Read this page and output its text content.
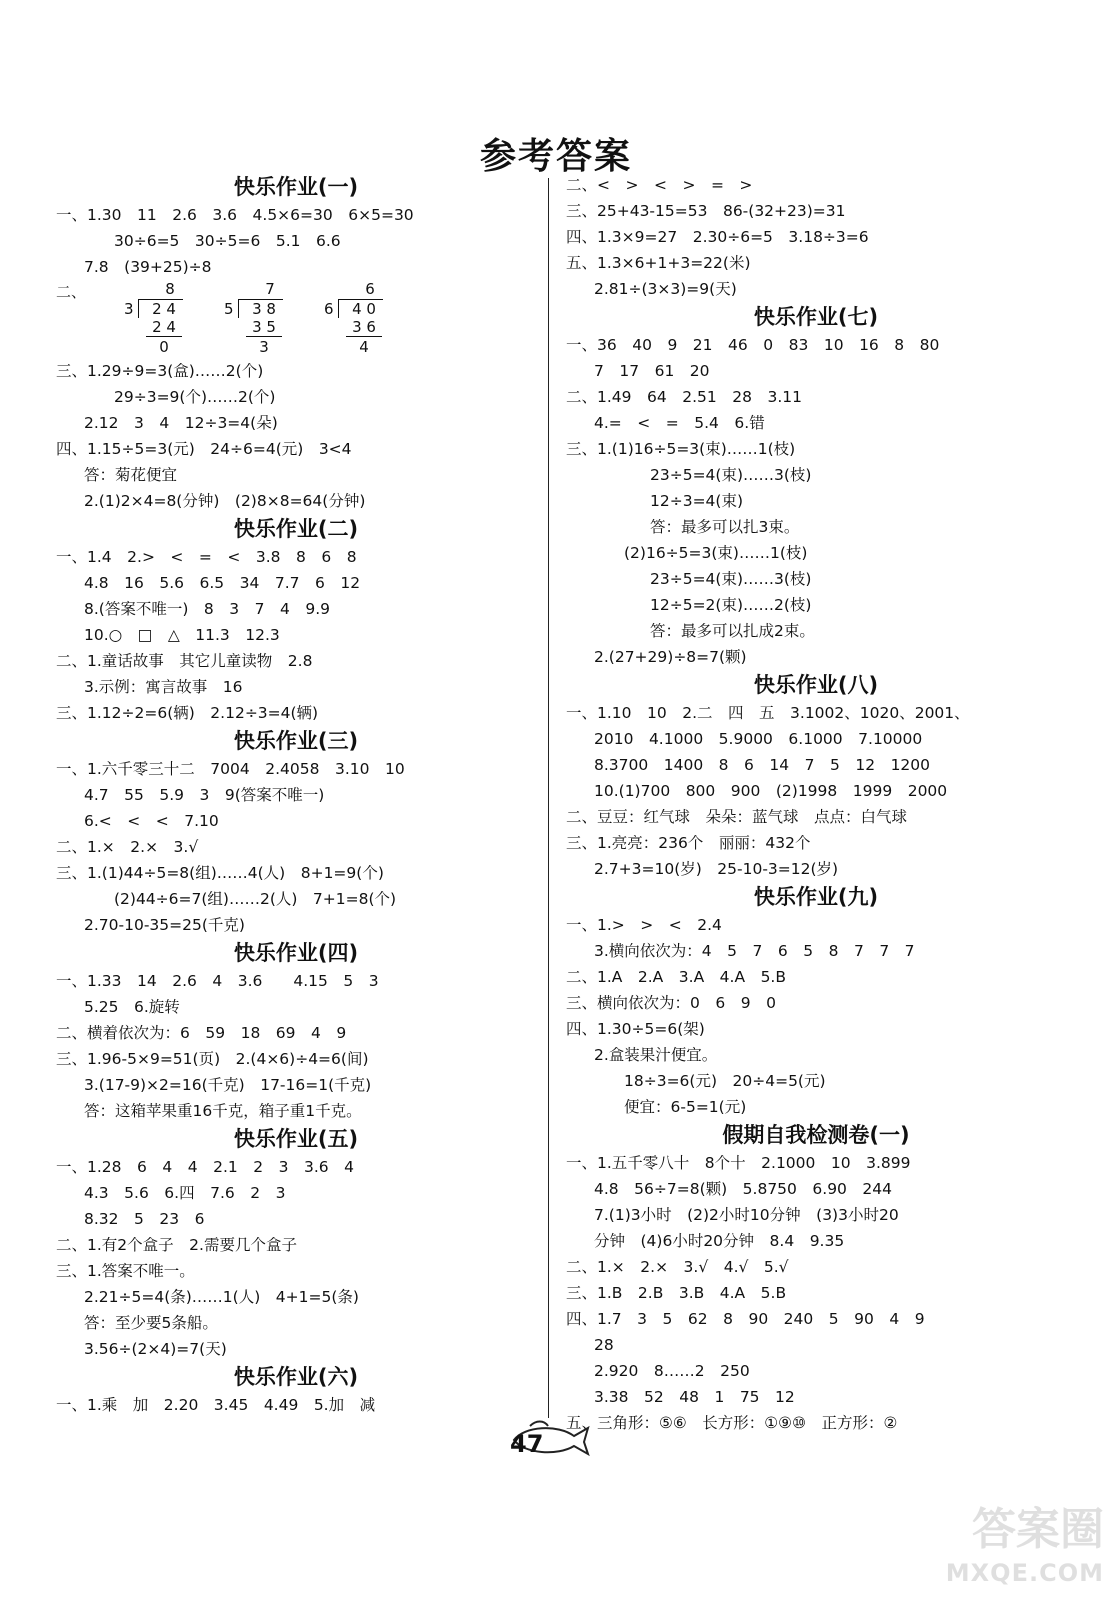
参考答案
快乐作业(一)
一、1.30　11　2.6　3.6　4.5×6=30　6×5=30
30÷6=5　30÷5=6　5.1　6.6
7.8　(39+25)÷8
二、	8
3	2 4
2 4
0
7
5	3 8
3 5
3
6
6	4 0
3 6
4
三、1.29÷9=3(盒)……2(个)
29÷3=9(个)……2(个)
2.12　3　4　12÷3=4(朵)
四、1.15÷5=3(元)　24÷6=4(元)　3<4
答：菊花便宜
2.(1)2×4=8(分钟)　(2)8×8=64(分钟)
快乐作业(二)
一、1.4　2.>　<　=　<　3.8　8　6　8
4.8　16　5.6　6.5　34　7.7　6　12
8.(答案不唯一)　8　3　7　4　9.9
10.○　□　△　11.3　12.3
二、1.童话故事　其它儿童读物　2.8
3.示例：寓言故事　16
三、1.12÷2=6(辆)　2.12÷3=4(辆)
快乐作业(三)
一、1.六千零三十二　7004　2.4058　3.10　10
4.7　55　5.9　3　9(答案不唯一)
6.<　<　<　7.10
二、1.×　2.×　3.√
三、1.(1)44÷5=8(组)……4(人)　8+1=9(个)
(2)44÷6=7(组)……2(人)　7+1=8(个)
2.70-10-35=25(千克)
快乐作业(四)
一、1.33　14　2.6　4　3.6　　4.15　5　3
5.25　6.旋转
二、横着依次为：6　59　18　69　4　9
三、1.96-5×9=51(页)　2.(4×6)÷4=6(间)
3.(17-9)×2=16(千克)　17-16=1(千克)
答：这箱苹果重16千克，箱子重1千克。
快乐作业(五)
一、1.28　6　4　4　2.1　2　3　3.6　4
4.3　5.6　6.四　7.6　2　3
8.32　5　23　6
二、1.有2个盒子　2.需要几个盒子
三、1.答案不唯一。
2.21÷5=4(条)……1(人)　4+1=5(条)
答：至少要5条船。
3.56÷(2×4)=7(天)
快乐作业(六)
一、1.乘　加　2.20　3.45　4.49　5.加　减
二、<　>　<　>　=　>
三、25+43-15=53　86-(32+23)=31
四、1.3×9=27　2.30÷6=5　3.18÷3=6
五、1.3×6+1+3=22(米)
2.81÷(3×3)=9(天)
快乐作业(七)
一、36　40　9　21　46　0　83　10　16　8　80
7　17　61　20
二、1.49　64　2.51　28　3.11
4.=　<　=　5.4　6.错
三、1.(1)16÷5=3(束)……1(枝)
23÷5=4(束)……3(枝)
12÷3=4(束)
答：最多可以扎3束。
(2)16÷5=3(束)……1(枝)
23÷5=4(束)……3(枝)
12÷5=2(束)……2(枝)
答：最多可以扎成2束。
2.(27+29)÷8=7(颗)
快乐作业(八)
一、1.10　10　2.二　四　五　3.1002、1020、2001、
2010　4.1000　5.9000　6.1000　7.10000
8.3700　1400　8　6　14　7　5　12　1200
10.(1)700　800　900　(2)1998　1999　2000
二、豆豆：红气球　朵朵：蓝气球　点点：白气球
三、1.亮亮：236个　丽丽：432个
2.7+3=10(岁)　25-10-3=12(岁)
快乐作业(九)
一、1.>　>　<　2.4
3.横向依次为：4　5　7　6　5　8　7　7　7
二、1.A　2.A　3.A　4.A　5.B
三、横向依次为：0　6　9　0
四、1.30÷5=6(架)
2.盒装果汁便宜。
18÷3=6(元)　20÷4=5(元)
便宜：6-5=1(元)
假期自我检测卷(一)
一、1.五千零八十　8个十　2.1000　10　3.899
4.8　56÷7=8(颗)　5.8750　6.90　244
7.(1)3小时　(2)2小时10分钟　(3)3小时20
分钟　(4)6小时20分钟　8.4　9.35
二、1.×　2.×　3.√　4.√　5.√
三、1.B　2.B　3.B　4.A　5.B
四、1.7　3　5　62　8　90　240　5　90　4　9
28
2.920　8……2　250
3.38　52　48　1　75　12
五、三角形：⑤⑥　长方形：①⑨⑩　正方形：②
47
答案圈
MXQE.COM
